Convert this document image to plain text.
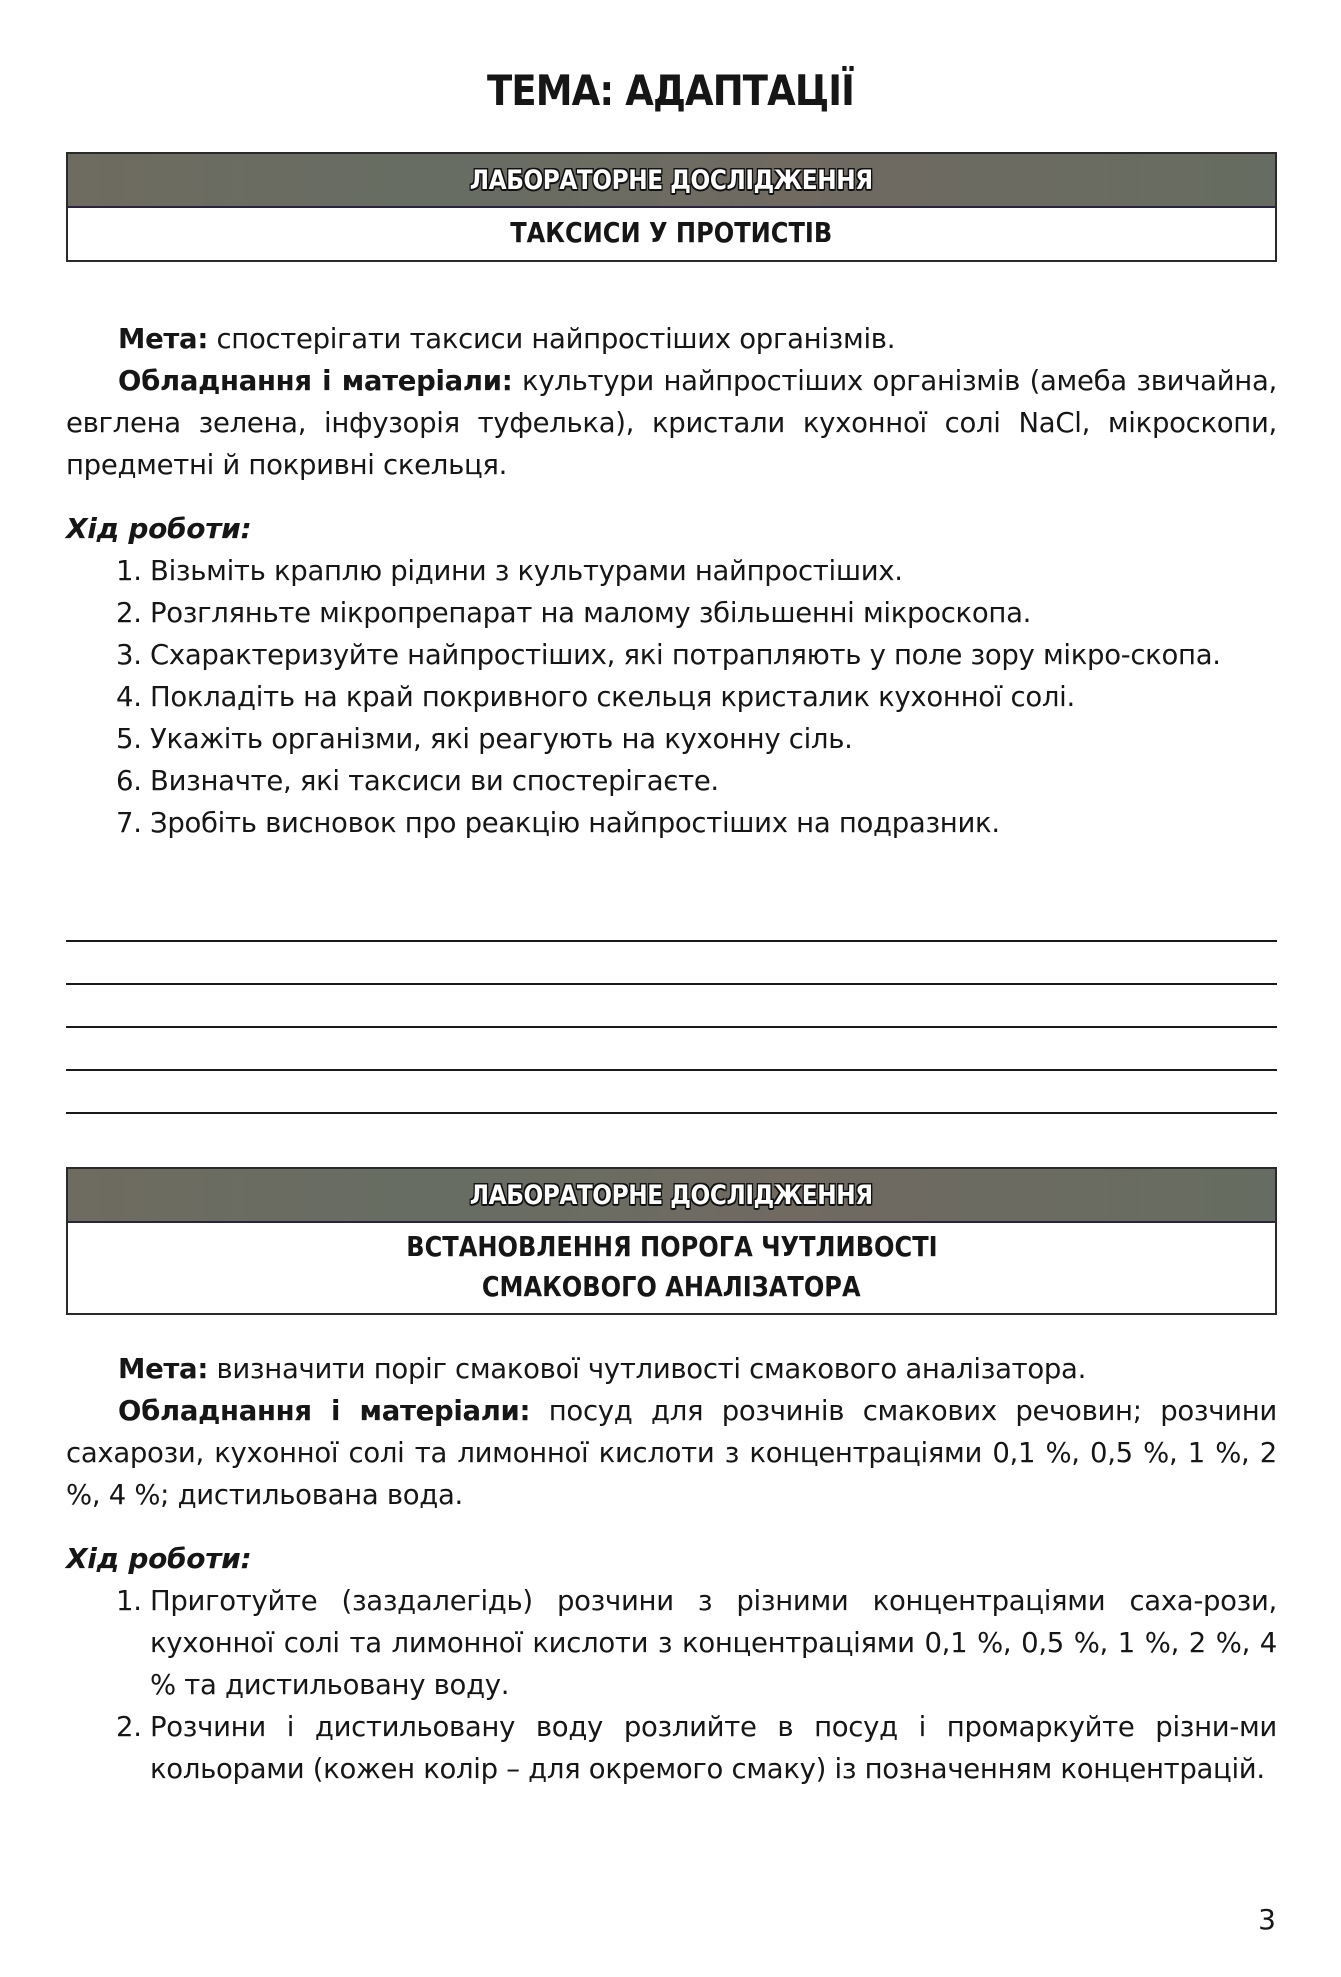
ТЕМА: АДАПТАЦІЇ
ЛАБОРАТОРНЕ ДОСЛІДЖЕННЯ
ТАКСИСИ У ПРОТИСТІВ

Мета: спостерігати таксиси найпростіших організмів.

Обладнання і матеріали: культури найпростіших організмів (амеба звичайна, евглена зелена, інфузорія туфелька), кристали кухонної солі NaCl, мікроскопи, предметні й покривні скельця.

Хід роботи:

1. Візьміть краплю рідини з культурами найпростіших.
2. Розгляньте мікропрепарат на малому збільшенні мікроскопа.
3. Схарактеризуйте найпростіших, які потрапляють у поле зору мікро-скопа.
4. Покладіть на край покривного скельця кристалик кухонної солі.
5. Укажіть організми, які реагують на кухонну сіль.
6. Визначте, які таксиси ви спостерігаєте.
7. Зробіть висновок про реакцію найпростіших на подразник.
ЛАБОРАТОРНЕ ДОСЛІДЖЕННЯ
ВСТАНОВЛЕННЯ ПОРОГА ЧУТЛИВОСТІ
СМАКОВОГО АНАЛІЗАТОРА

Мета: визначити поріг смакової чутливості смакового аналізатора.

Обладнання і матеріали: посуд для розчинів смакових речовин; розчини сахарози, кухонної солі та лимонної кислоти з концентраціями 0,1 %, 0,5 %, 1 %, 2 %, 4 %; дистильована вода.

Хід роботи:

1. Приготуйте (заздалегідь) розчини з різними концентраціями саха-рози, кухонної солі та лимонної кислоти з концентраціями 0,1 %, 0,5 %, 1 %, 2 %, 4 % та дистильовану воду.
2. Розчини і дистильовану воду розлийте в посуд і промаркуйте різни-ми кольорами (кожен колір – для окремого смаку) із позначенням концентрацій.
3
